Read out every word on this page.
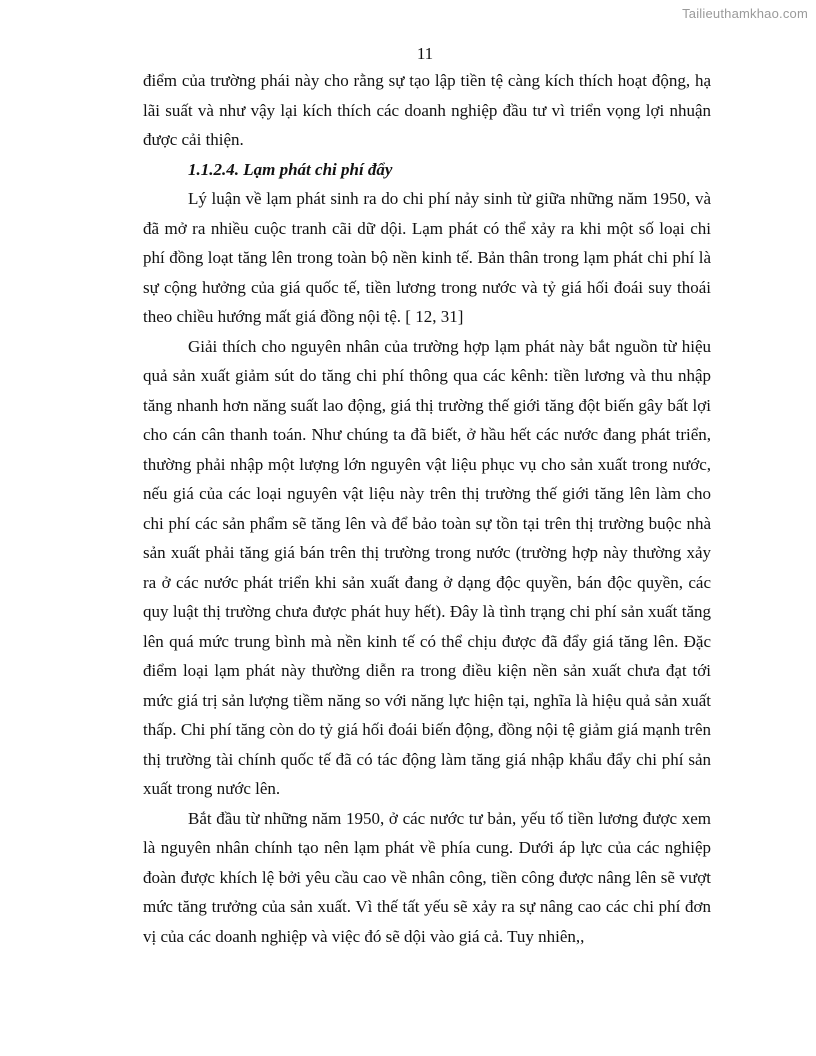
Tailieuthamkhao.com
11

điểm của trường phái này cho rằng sự tạo lập tiền tệ càng kích thích hoạt động, hạ lãi suất và như vậy lại kích thích các doanh nghiệp đầu tư vì triển vọng lợi nhuận được cải thiện.

1.1.2.4. Lạm phát chi phí đẩy

Lý luận về lạm phát sinh ra do chi phí nảy sinh từ giữa những năm 1950, và đã mở ra nhiều cuộc tranh cãi dữ dội. Lạm phát có thể xảy ra khi một số loại chi phí đồng loạt tăng lên trong toàn bộ nền kinh tế. Bản thân trong lạm phát chi phí là sự cộng hưởng của giá quốc tế, tiền lương trong nước và tỷ giá hối đoái suy thoái theo chiều hướng mất giá đồng nội tệ. [ 12, 31]

Giải thích cho nguyên nhân của trường hợp lạm phát này bắt nguồn từ hiệu quả sản xuất giảm sút do tăng chi phí thông qua các kênh: tiền lương và thu nhập tăng nhanh hơn năng suất lao động, giá thị trường thế giới tăng đột biến gây bất lợi cho cán cân thanh toán. Như chúng ta đã biết, ở hầu hết các nước đang phát triển, thường phải nhập một lượng lớn nguyên vật liệu phục vụ cho sản xuất trong nước, nếu giá của các loại nguyên vật liệu này trên thị trường thế giới tăng lên làm cho chi phí các sản phẩm sẽ tăng lên và để bảo toàn sự tồn tại trên thị trường buộc nhà sản xuất phải tăng giá bán trên thị trường trong nước (trường hợp này thường xảy ra ở các nước phát triển khi sản xuất đang ở dạng độc quyền, bán độc quyền, các quy luật thị trường chưa được phát huy hết). Đây là tình trạng chi phí sản xuất tăng lên quá mức trung bình mà nền kinh tế có thể chịu được đã đẩy giá tăng lên. Đặc điểm loại lạm phát này thường diễn ra trong điều kiện nền sản xuất chưa đạt tới mức giá trị sản lượng tiềm năng so với năng lực hiện tại, nghĩa là hiệu quả sản xuất thấp. Chi phí tăng còn do tỷ giá hối đoái biến động, đồng nội tệ giảm giá mạnh trên thị trường tài chính quốc tế đã có tác động làm tăng giá nhập khẩu đẩy chi phí sản xuất trong nước lên.

Bắt đầu từ những năm 1950, ở các nước tư bản, yếu tố tiền lương được xem là nguyên nhân chính tạo nên lạm phát về phía cung. Dưới áp lực của các nghiệp đoàn được khích lệ bởi yêu cầu cao về nhân công, tiền công được nâng lên sẽ vượt mức tăng trưởng của sản xuất. Vì thế tất yếu sẽ xảy ra sự nâng cao các chi phí đơn vị của các doanh nghiệp và việc đó sẽ dội vào giá cả. Tuy nhiên,,
